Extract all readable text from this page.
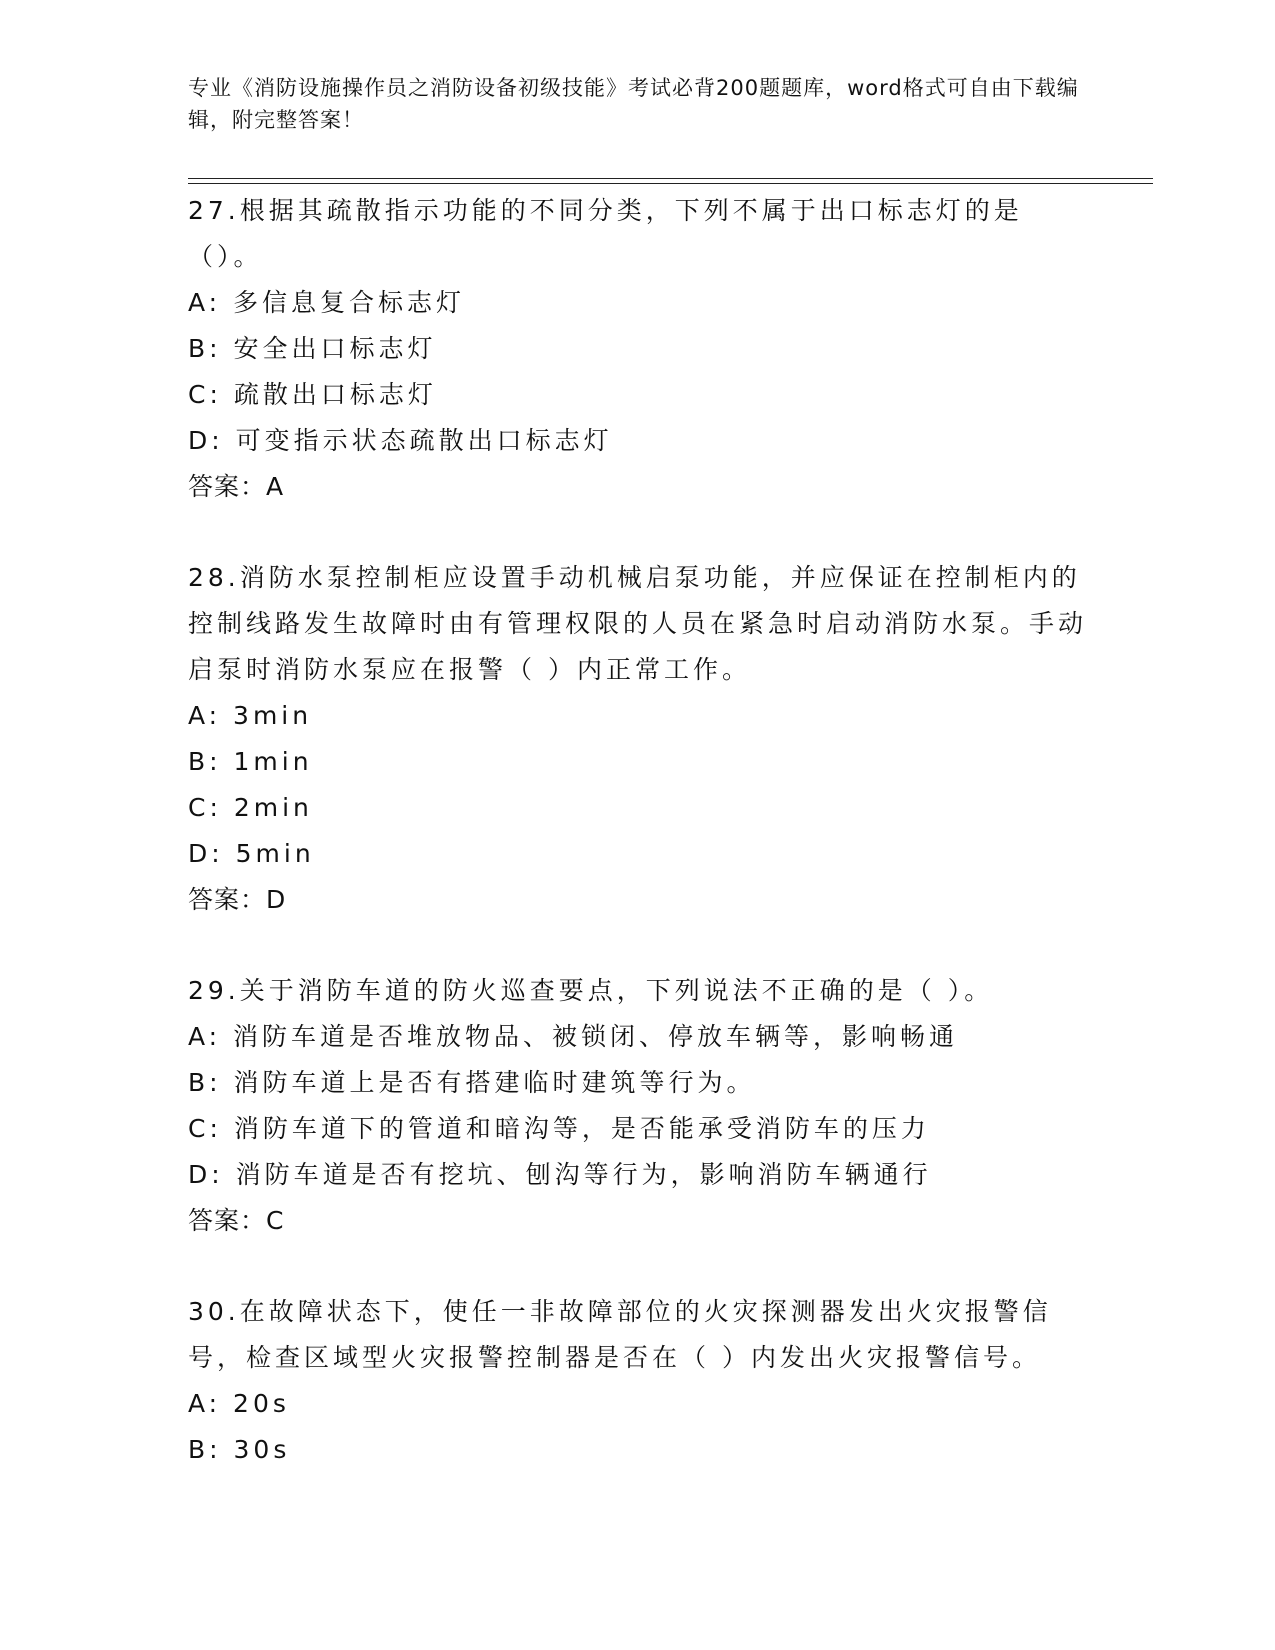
专业《消防设施操作员之消防设备初级技能》考试必背200题题库，word格式可自由下载编辑，附完整答案！

27.根据其疏散指示功能的不同分类，下列不属于出口标志灯的是（）。

A: 多信息复合标志灯

B: 安全出口标志灯

C: 疏散出口标志灯

D: 可变指示状态疏散出口标志灯

答案：A

28.消防水泵控制柜应设置手动机械启泵功能，并应保证在控制柜内的控制线路发生故障时由有管理权限的人员在紧急时启动消防水泵。手动启泵时消防水泵应在报警（ ）内正常工作。

A: 3min

B: 1min

C: 2min

D: 5min

答案：D

29.关于消防车道的防火巡查要点，下列说法不正确的是（ ）。

A: 消防车道是否堆放物品、被锁闭、停放车辆等，影响畅通

B: 消防车道上是否有搭建临时建筑等行为。

C: 消防车道下的管道和暗沟等，是否能承受消防车的压力

D: 消防车道是否有挖坑、刨沟等行为，影响消防车辆通行

答案：C

30.在故障状态下，使任一非故障部位的火灾探测器发出火灾报警信号，检查区域型火灾报警控制器是否在（ ）内发出火灾报警信号。

A: 20s

B: 30s
